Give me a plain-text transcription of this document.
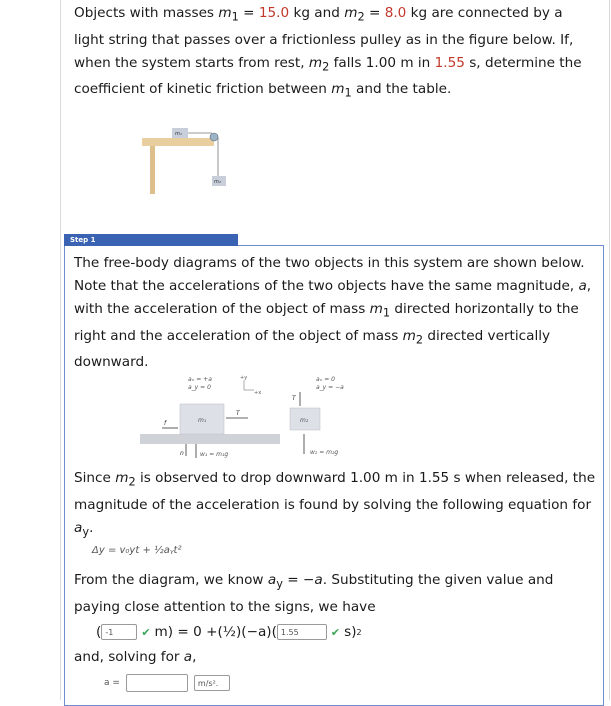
Objects with masses $m_1 = 15.0$ kg and $m_2 = 8.0$ kg are connected by a light string that passes over a frictionless pulley as in the figure below. If, when the system starts from rest, $m_2$ falls 1.00 m in 1.55 s, determine the coefficient of kinetic friction between $m_1$ and the table.
m₁
m₂
Step 1
The free-body diagrams of the two objects in this system are shown below. Note that the accelerations of the two objects have the same magnitude, a, with the acceleration of the object of mass $m_1$ directed horizontally to the right and the acceleration of the object of mass $m_2$ directed vertically downward.
aₓ = +a
a_y = 0
+y
+x
m₁
f
T
n	w₁ = m₁g
aₓ = 0
a_y = −a
T
m₂
w₂ = m₂g
Since $m_2$ is observed to drop downward 1.00 m in 1.55 s when released, the magnitude of the acceleration is found by solving the following equation for $a_y$.
Δy = v₀yt + ½aᵧt²
From the diagram, we know $a_y = -a$. Substituting the given value and paying close attention to the signs, we have
( -1	✔ m) = 0 + (½) (−a)( 1.55	✔ s) 2
and, solving for a,
a =	m/s².
